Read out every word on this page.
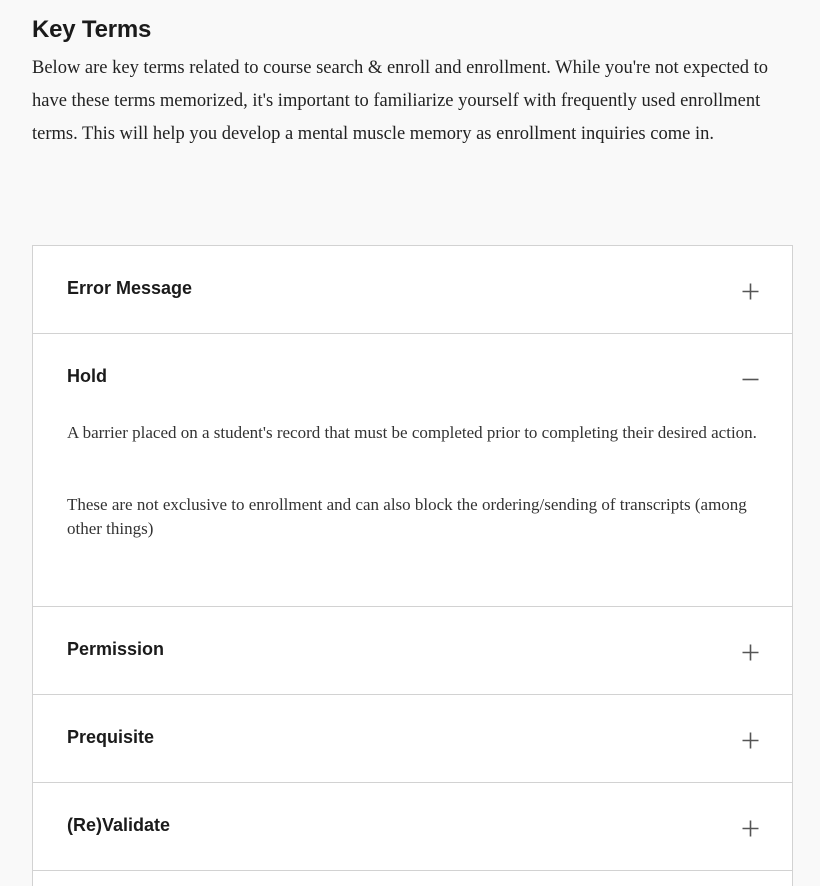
Key Terms

Below are key terms related to course search & enroll and enrollment. While you're not expected to have these terms memorized, it's important to familiarize yourself with frequently used enrollment terms. This will help you develop a mental muscle memory as enrollment inquiries come in.

Error Message
Hold

A barrier placed on a student's record that must be completed prior to completing their desired action.

These are not exclusive to enrollment and can also block the ordering/sending of transcripts (among other things)

Permission
Prequisite
(Re)Validate
